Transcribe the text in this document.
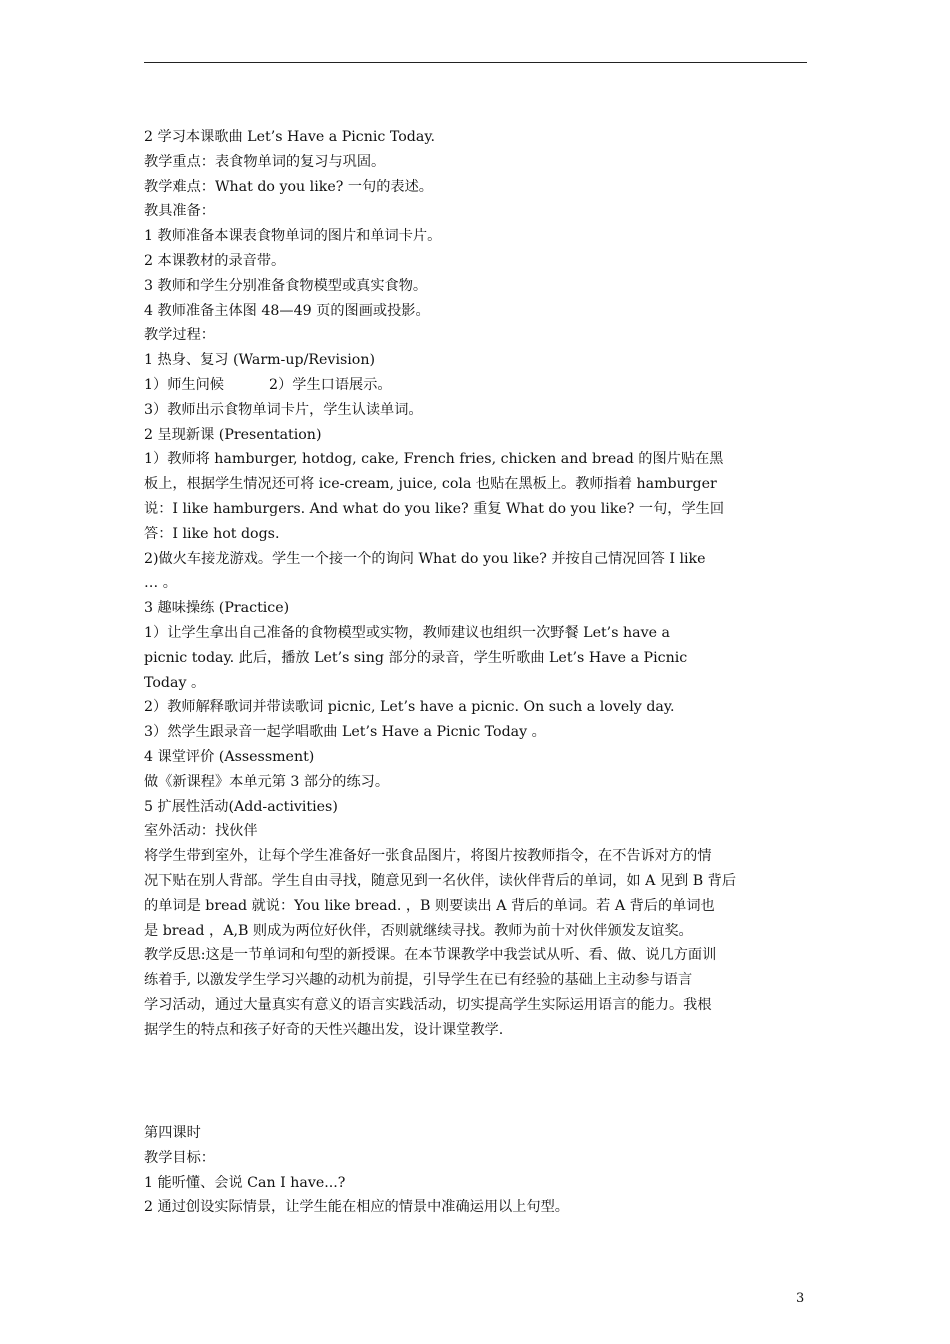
2 学习本课歌曲 Let’s Have a Picnic Today.
教学重点：表食物单词的复习与巩固。
教学难点：What do you like? 一句的表述。
教具准备：
1 教师准备本课表食物单词的图片和单词卡片。
2 本课教材的录音带。
3 教师和学生分别准备食物模型或真实食物。
4 教师准备主体图 48—49 页的图画或投影。
教学过程：
1 热身、复习 (Warm-up/Revision)
1）师生问候          2）学生口语展示。
3）教师出示食物单词卡片，学生认读单词。
2 呈现新课 (Presentation)
1）教师将 hamburger, hotdog, cake, French fries, chicken and bread 的图片贴在黑
板上，根据学生情况还可将 ice-cream, juice, cola 也贴在黑板上。教师指着 hamburger
说：I like hamburgers. And what do you like? 重复 What do you like? 一句，学生回
答：I like hot dogs.
2)做火车接龙游戏。学生一个接一个的询问 What do you like? 并按自己情况回答 I like
… 。
3 趣味操练 (Practice)
1）让学生拿出自己准备的食物模型或实物，教师建议也组织一次野餐 Let’s have a
picnic today. 此后，播放 Let’s sing 部分的录音，学生听歌曲 Let’s Have a Picnic
Today 。
2）教师解释歌词并带读歌词 picnic, Let’s have a picnic. On such a lovely day.
3）然学生跟录音一起学唱歌曲 Let’s Have a Picnic Today 。
4 课堂评价 (Assessment)
做《新课程》本单元第 3 部分的练习。
5 扩展性活动(Add-activities)
室外活动：找伙伴
将学生带到室外，让每个学生准备好一张食品图片，将图片按教师指令，在不告诉对方的情
况下贴在别人背部。学生自由寻找，随意见到一名伙伴，读伙伴背后的单词，如 A 见到 B 背后
的单词是 bread 就说：You like bread. ，B 则要读出 A 背后的单词。若 A 背后的单词也
是 bread ，A,B 则成为两位好伙伴，否则就继续寻找。教师为前十对伙伴颁发友谊奖。
教学反思:这是一节单词和句型的新授课。在本节课教学中我尝试从听、看、做、说几方面训
练着手, 以激发学生学习兴趣的动机为前提，引导学生在已有经验的基础上主动参与语言
学习活动，通过大量真实有意义的语言实践活动，切实提高学生实际运用语言的能力。我根
据学生的特点和孩子好奇的天性兴趣出发，设计课堂教学.
第四课时
教学目标：
1 能听懂、会说 Can I have...?
2 通过创设实际情景，让学生能在相应的情景中准确运用以上句型。
3
